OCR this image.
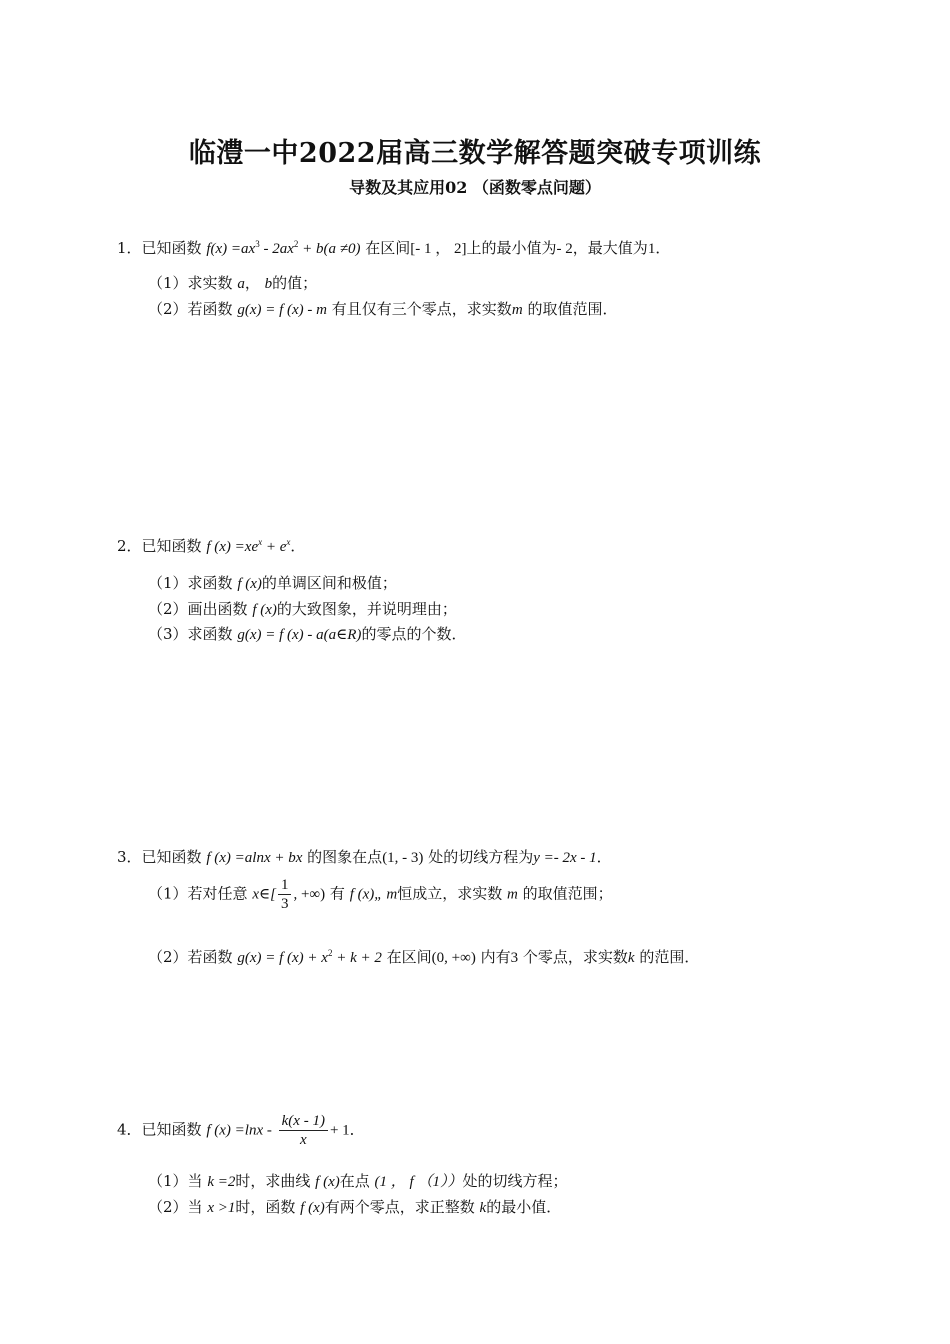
临澧一中2022届高三数学解答题突破专项训练
导数及其应用02 （函数零点问题）
1．已知函数 $f(x) =ax^3 - 2ax^2 + b(a \ne 0)$ 在区间[- 1 ， 2]上的最小值为- 2，最大值为1．
（1）求实数 a， b的值；
（2）若函数 g(x) = f (x) - m 有且仅有三个零点，求实数m 的取值范围．
2．已知函数 f $(x) =xe^x + e^x$．
（1）求函数 f (x)的单调区间和极值；
（2）画出函数 f (x)的大致图象，并说明理由；
（3）求函数 g(x) = f (x) - a(a∈R)的零点的个数．
3．已知函数 f (x) =alnx + bx 的图象在点(1, - 3) 处的切线方程为y =- 2x - 1．
（1）若对任意 x∈[ $\frac{1}{3}$ , +∞) 有 f (x)„ m恒成立，求实数 m 的取值范围；
（2）若函数 g(x) = f $(x) + x^2 + k + 2$ 在区间(0, +∞) 内有3 个零点，求实数k 的范围．
4．已知函数 f $(x) =\ln x - \frac{k(x - 1)}{x} + 1$．
（1）当 k =2时，求曲线 f (x)在点 (1 ， f （1））处的切线方程；
（2）当 x >1时，函数 f (x)有两个零点，求正整数 k的最小值．
